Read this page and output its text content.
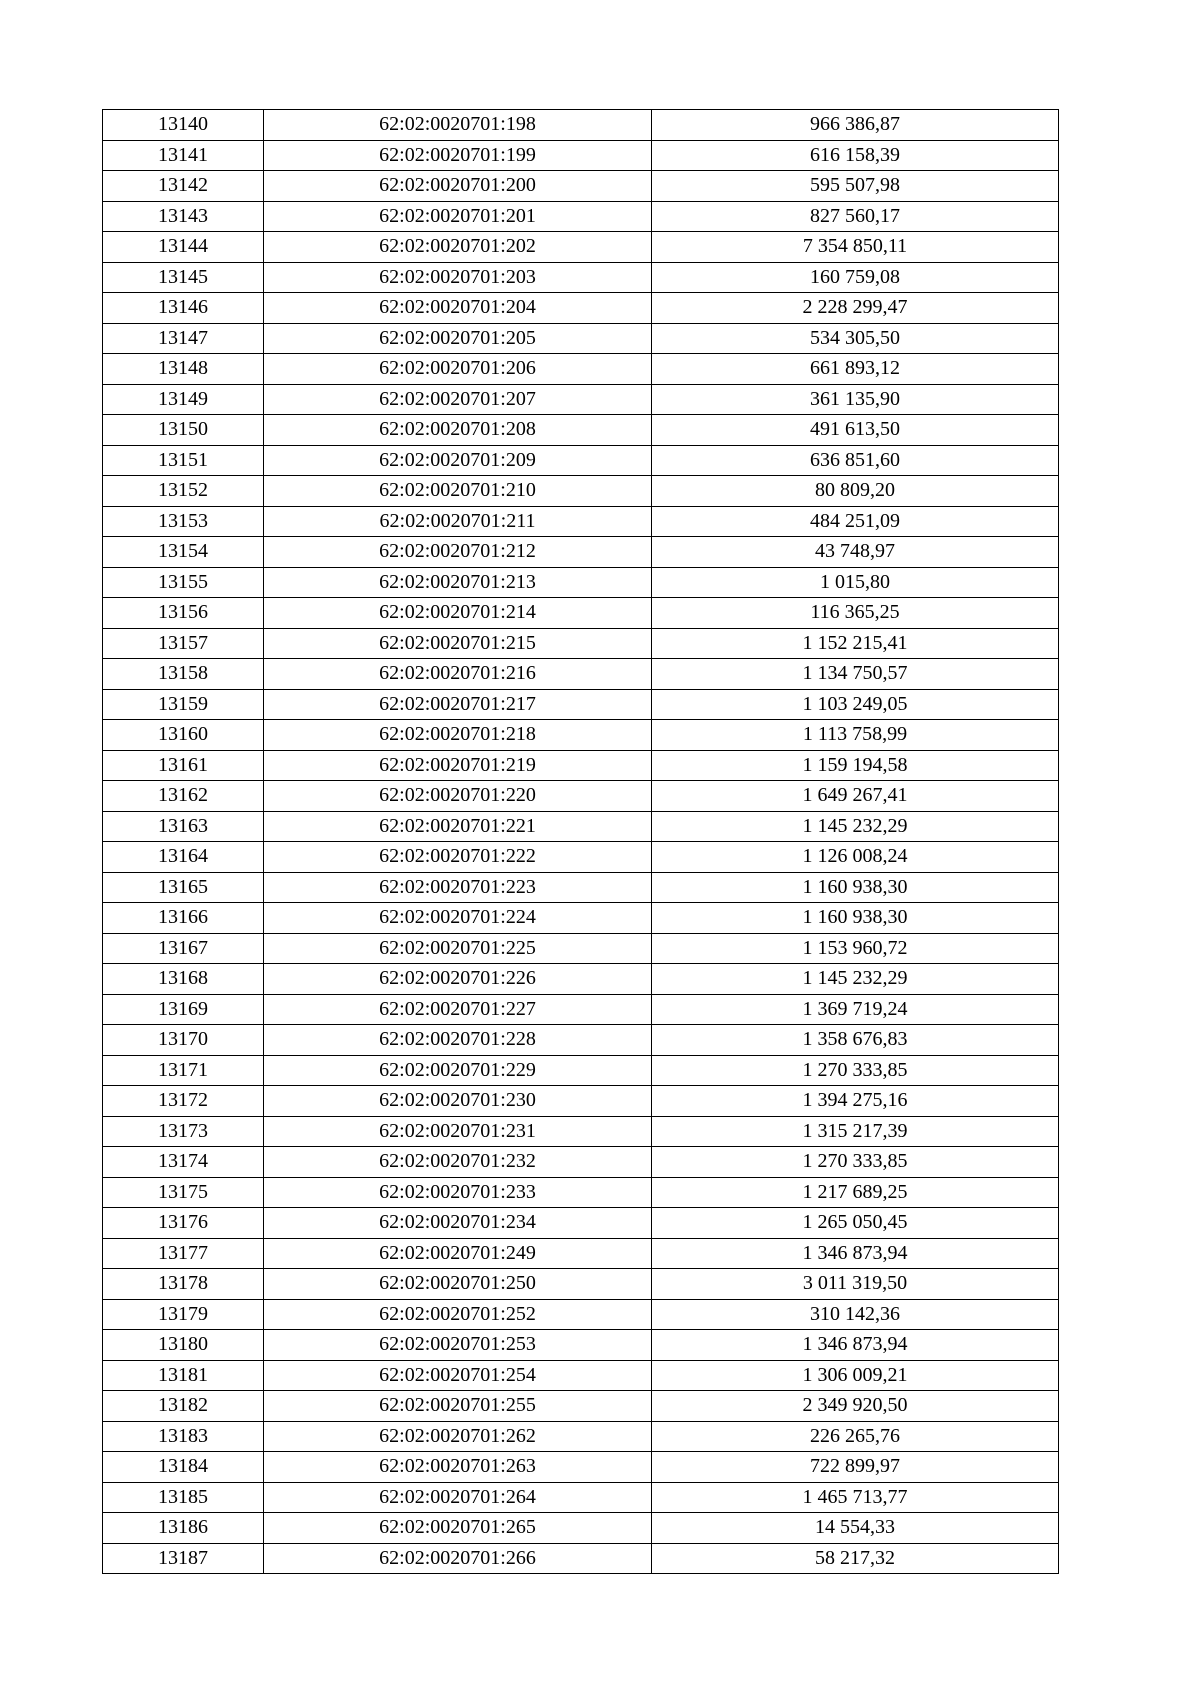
13140	62:02:0020701:198	966 386,87
13141	62:02:0020701:199	616 158,39
13142	62:02:0020701:200	595 507,98
13143	62:02:0020701:201	827 560,17
13144	62:02:0020701:202	7 354 850,11
13145	62:02:0020701:203	160 759,08
13146	62:02:0020701:204	2 228 299,47
13147	62:02:0020701:205	534 305,50
13148	62:02:0020701:206	661 893,12
13149	62:02:0020701:207	361 135,90
13150	62:02:0020701:208	491 613,50
13151	62:02:0020701:209	636 851,60
13152	62:02:0020701:210	80 809,20
13153	62:02:0020701:211	484 251,09
13154	62:02:0020701:212	43 748,97
13155	62:02:0020701:213	1 015,80
13156	62:02:0020701:214	116 365,25
13157	62:02:0020701:215	1 152 215,41
13158	62:02:0020701:216	1 134 750,57
13159	62:02:0020701:217	1 103 249,05
13160	62:02:0020701:218	1 113 758,99
13161	62:02:0020701:219	1 159 194,58
13162	62:02:0020701:220	1 649 267,41
13163	62:02:0020701:221	1 145 232,29
13164	62:02:0020701:222	1 126 008,24
13165	62:02:0020701:223	1 160 938,30
13166	62:02:0020701:224	1 160 938,30
13167	62:02:0020701:225	1 153 960,72
13168	62:02:0020701:226	1 145 232,29
13169	62:02:0020701:227	1 369 719,24
13170	62:02:0020701:228	1 358 676,83
13171	62:02:0020701:229	1 270 333,85
13172	62:02:0020701:230	1 394 275,16
13173	62:02:0020701:231	1 315 217,39
13174	62:02:0020701:232	1 270 333,85
13175	62:02:0020701:233	1 217 689,25
13176	62:02:0020701:234	1 265 050,45
13177	62:02:0020701:249	1 346 873,94
13178	62:02:0020701:250	3 011 319,50
13179	62:02:0020701:252	310 142,36
13180	62:02:0020701:253	1 346 873,94
13181	62:02:0020701:254	1 306 009,21
13182	62:02:0020701:255	2 349 920,50
13183	62:02:0020701:262	226 265,76
13184	62:02:0020701:263	722 899,97
13185	62:02:0020701:264	1 465 713,77
13186	62:02:0020701:265	14 554,33
13187	62:02:0020701:266	58 217,32
